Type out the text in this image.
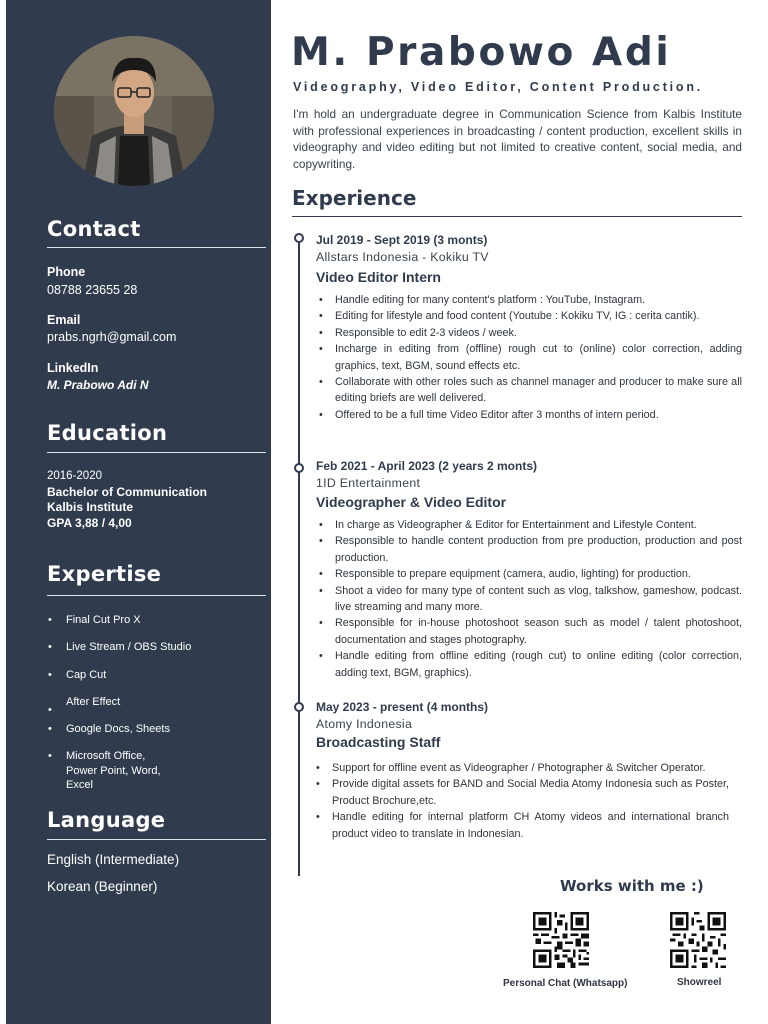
Contact
Phone
08788 23655 28
Email
prabs.ngrh@gmail.com
LinkedIn
M. Prabowo Adi N
Education
2016-2020
Bachelor of Communication
Kalbis Institute
GPA 3,88 / 4,00
Expertise
• Final Cut Pro X
• Live Stream / OBS Studio
• Cap Cut
•
After Effect
• Google Docs, Sheets
• Microsoft Office,
Power Point, Word,
Excel
Language
English (Intermediate)
Korean (Beginner)
M. Prabowo Adi
Videography, Video Editor, Content Production.
I'm hold an undergraduate degree in Communication Science from Kalbis Institute with professional experiences in broadcasting / content production, excellent skills in videography and video editing but not limited to creative content, social media, and copywriting.
Experience
Jul 2019 - Sept 2019 (3 monts)
Allstars Indonesia - Kokiku TV
Video Editor Intern
• Handle editing for many content's platform : YouTube, Instagram.
• Editing for lifestyle and food content (Youtube : Kokiku TV, IG : cerita cantik).
• Responsible to edit 2-3 videos / week.
• Incharge in editing from (offline) rough cut to (online) color correction, adding graphics, text, BGM, sound effects etc.
• Collaborate with other roles such as channel manager and producer to make sure all editing briefs are well delivered.
• Offered to be a full time Video Editor after 3 months of intern period.
Feb 2021 - April 2023 (2 years 2 monts)
1ID Entertainment
Videographer & Video Editor
• In charge as Videographer & Editor for Entertainment and Lifestyle Content.
• Responsible to handle content production from pre production, production and post production.
• Responsible to prepare equipment (camera, audio, lighting) for production.
• Shoot a video for many type of content such as vlog, talkshow, gameshow, podcast. live streaming and many more.
• Responsible for in-house photoshoot season such as model / talent photoshoot, documentation and stages photography.
• Handle editing from offline editing (rough cut) to online editing (color correction, adding text, BGM, graphics).
May 2023 - present (4 months)
Atomy Indonesia
Broadcasting Staff
• Support for offline event as Videographer / Photographer & Switcher Operator.
• Provide digital assets for BAND and Social Media Atomy Indonesia such as Poster, Product Brochure,etc.
• Handle editing for internal platform CH Atomy videos and international branch product video to translate in Indonesian.
Works with me :)
Personal Chat (Whatsapp)	Showreel
